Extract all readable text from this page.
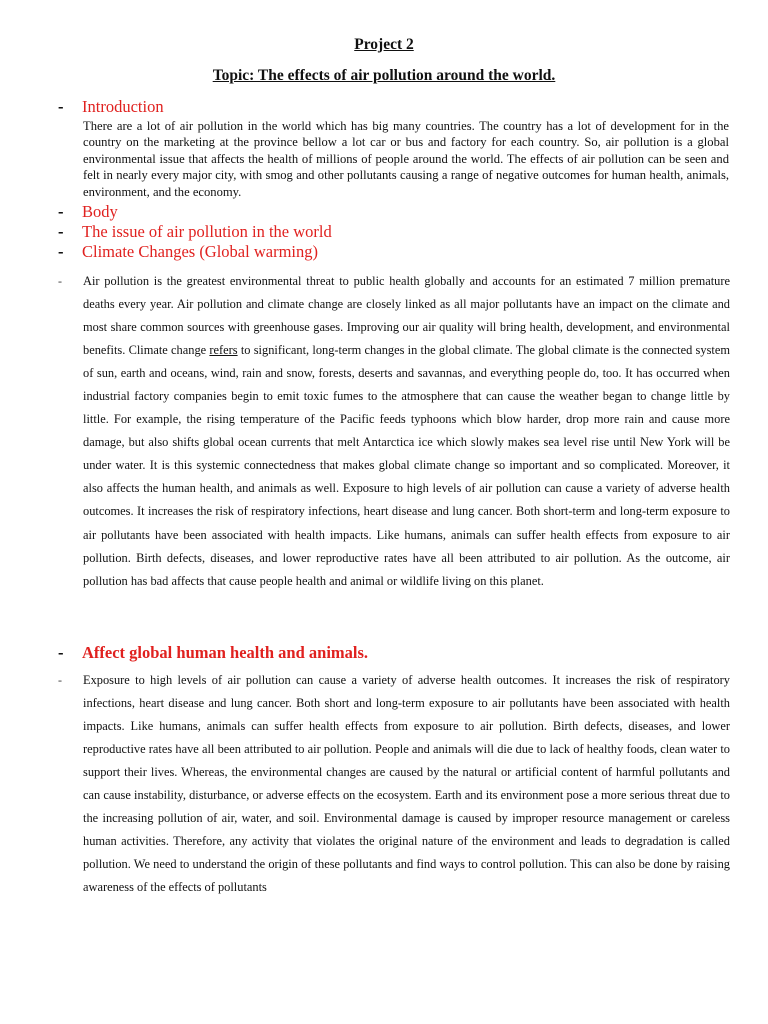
Project 2
Topic: The effects of air pollution around the world.
- Introduction
There are a lot of air pollution in the world which has big many countries. The country has a lot of development for in the country on the marketing at the province bellow a lot car or bus and factory for each country. So, air pollution is a global environmental issue that affects the health of millions of people around the world. The effects of air pollution can be seen and felt in nearly every major city, with smog and other pollutants causing a range of negative outcomes for human health, animals, environment, and the economy.
- Body
- The issue of air pollution in the world
- Climate Changes (Global warming)
- Air pollution is the greatest environmental threat to public health globally and accounts for an estimated 7 million premature deaths every year. Air pollution and climate change are closely linked as all major pollutants have an impact on the climate and most share common sources with greenhouse gases. Improving our air quality will bring health, development, and environmental benefits. Climate change refers to significant, long-term changes in the global climate. The global climate is the connected system of sun, earth and oceans, wind, rain and snow, forests, deserts and savannas, and everything people do, too. It has occurred when industrial factory companies begin to emit toxic fumes to the atmosphere that can cause the weather began to change little by little. For example, the rising temperature of the Pacific feeds typhoons which blow harder, drop more rain and cause more damage, but also shifts global ocean currents that melt Antarctica ice which slowly makes sea level rise until New York will be under water. It is this systemic connectedness that makes global climate change so important and so complicated. Moreover, it also affects the human health, and animals as well. Exposure to high levels of air pollution can cause a variety of adverse health outcomes. It increases the risk of respiratory infections, heart disease and lung cancer. Both short-term and long-term exposure to air pollutants have been associated with health impacts. Like humans, animals can suffer health effects from exposure to air pollution. Birth defects, diseases, and lower reproductive rates have all been attributed to air pollution. As the outcome, air pollution has bad affects that cause people health and animal or wildlife living on this planet.
- Affect global human health and animals.
- Exposure to high levels of air pollution can cause a variety of adverse health outcomes. It increases the risk of respiratory infections, heart disease and lung cancer. Both short and long-term exposure to air pollutants have been associated with health impacts. Like humans, animals can suffer health effects from exposure to air pollution. Birth defects, diseases, and lower reproductive rates have all been attributed to air pollution. People and animals will die due to lack of healthy foods, clean water to support their lives. Whereas, the environmental changes are caused by the natural or artificial content of harmful pollutants and can cause instability, disturbance, or adverse effects on the ecosystem. Earth and its environment pose a more serious threat due to the increasing pollution of air, water, and soil. Environmental damage is caused by improper resource management or careless human activities. Therefore, any activity that violates the original nature of the environment and leads to degradation is called pollution. We need to understand the origin of these pollutants and find ways to control pollution. This can also be done by raising awareness of the effects of pollutants
